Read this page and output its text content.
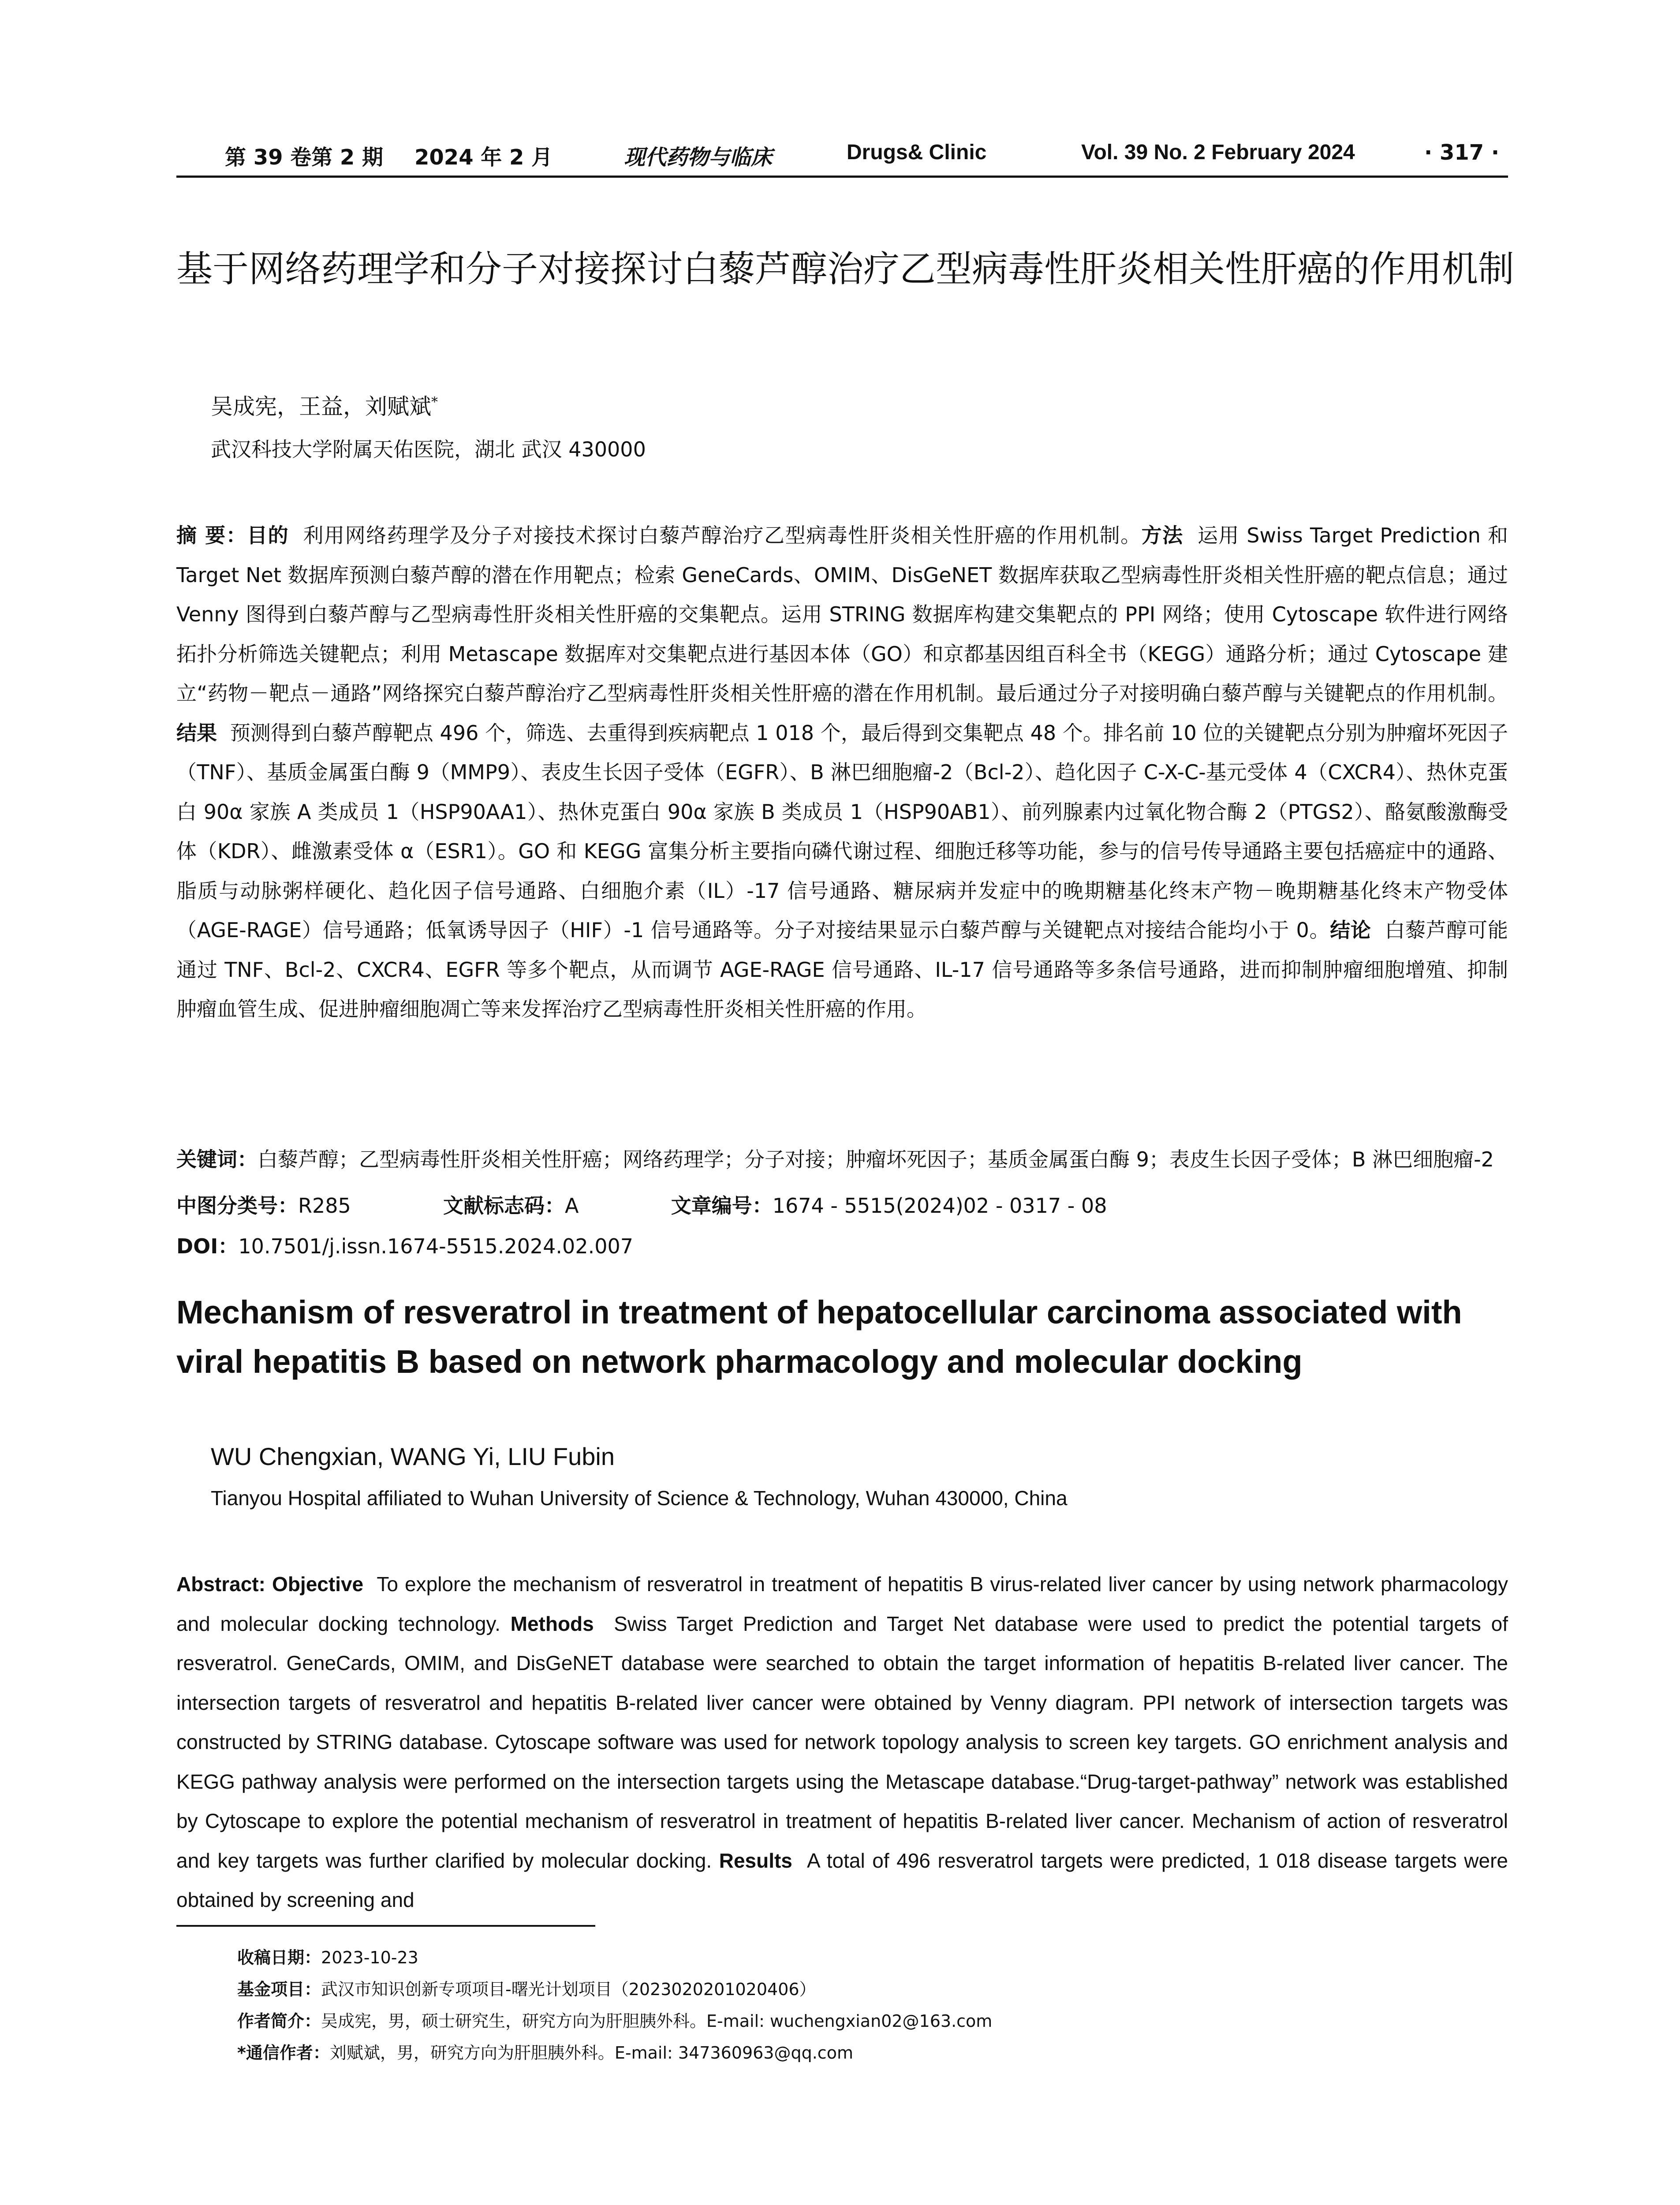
第 39 卷第 2 期 2024 年 2 月	现代药物与临床	Drugs& Clinic	Vol. 39 No. 2 February 2024	· 317 ·
基于网络药理学和分子对接探讨白藜芦醇治疗乙型病毒性肝炎相关性肝癌的作用机制
吴成宪，王益，刘赋斌*
武汉科技大学附属天佑医院，湖北 武汉 430000
摘 要：目的 利用网络药理学及分子对接技术探讨白藜芦醇治疗乙型病毒性肝炎相关性肝癌的作用机制。方法 运用 Swiss Target Prediction 和 Target Net 数据库预测白藜芦醇的潜在作用靶点；检索 GeneCards、OMIM、DisGeNET 数据库获取乙型病毒性肝炎相关性肝癌的靶点信息；通过 Venny 图得到白藜芦醇与乙型病毒性肝炎相关性肝癌的交集靶点。运用 STRING 数据库构建交集靶点的 PPI 网络；使用 Cytoscape 软件进行网络拓扑分析筛选关键靶点；利用 Metascape 数据库对交集靶点进行基因本体（GO）和京都基因组百科全书（KEGG）通路分析；通过 Cytoscape 建立“药物－靶点－通路”网络探究白藜芦醇治疗乙型病毒性肝炎相关性肝癌的潜在作用机制。最后通过分子对接明确白藜芦醇与关键靶点的作用机制。结果 预测得到白藜芦醇靶点 496 个，筛选、去重得到疾病靶点 1 018 个，最后得到交集靶点 48 个。排名前 10 位的关键靶点分别为肿瘤坏死因子（TNF）、基质金属蛋白酶 9（MMP9）、表皮生长因子受体（EGFR）、B 淋巴细胞瘤-2（Bcl-2）、趋化因子 C-X-C-基元受体 4（CXCR4）、热休克蛋白 90α 家族 A 类成员 1（HSP90AA1）、热休克蛋白 90α 家族 B 类成员 1（HSP90AB1）、前列腺素内过氧化物合酶 2（PTGS2）、酪氨酸激酶受体（KDR）、雌激素受体 α（ESR1）。GO 和 KEGG 富集分析主要指向磷代谢过程、细胞迁移等功能，参与的信号传导通路主要包括癌症中的通路、脂质与动脉粥样硬化、趋化因子信号通路、白细胞介素（IL）-17 信号通路、糖尿病并发症中的晚期糖基化终末产物－晚期糖基化终末产物受体（AGE-RAGE）信号通路；低氧诱导因子（HIF）-1 信号通路等。分子对接结果显示白藜芦醇与关键靶点对接结合能均小于 0。结论 白藜芦醇可能通过 TNF、Bcl-2、CXCR4、EGFR 等多个靶点，从而调节 AGE-RAGE 信号通路、IL-17 信号通路等多条信号通路，进而抑制肿瘤细胞增殖、抑制肿瘤血管生成、促进肿瘤细胞凋亡等来发挥治疗乙型病毒性肝炎相关性肝癌的作用。
关键词：白藜芦醇；乙型病毒性肝炎相关性肝癌；网络药理学；分子对接；肿瘤坏死因子；基质金属蛋白酶 9；表皮生长因子受体；B 淋巴细胞瘤-2
中图分类号：R285	文献标志码：A	文章编号：1674 - 5515(2024)02 - 0317 - 08
DOI：10.7501/j.issn.1674-5515.2024.02.007
Mechanism of resveratrol in treatment of hepatocellular carcinoma associated with viral hepatitis B based on network pharmacology and molecular docking
WU Chengxian, WANG Yi, LIU Fubin
Tianyou Hospital affiliated to Wuhan University of Science & Technology, Wuhan 430000, China
Abstract: Objective To explore the mechanism of resveratrol in treatment of hepatitis B virus-related liver cancer by using network pharmacology and molecular docking technology. Methods Swiss Target Prediction and Target Net database were used to predict the potential targets of resveratrol. GeneCards, OMIM, and DisGeNET database were searched to obtain the target information of hepatitis B-related liver cancer. The intersection targets of resveratrol and hepatitis B-related liver cancer were obtained by Venny diagram. PPI network of intersection targets was constructed by STRING database. Cytoscape software was used for network topology analysis to screen key targets. GO enrichment analysis and KEGG pathway analysis were performed on the intersection targets using the Metascape database.“Drug-target-pathway” network was established by Cytoscape to explore the potential mechanism of resveratrol in treatment of hepatitis B-related liver cancer. Mechanism of action of resveratrol and key targets was further clarified by molecular docking. Results A total of 496 resveratrol targets were predicted, 1 018 disease targets were obtained by screening and
收稿日期：2023-10-23
基金项目：武汉市知识创新专项项目-曙光计划项目（2023020201020406）
作者简介：吴成宪，男，硕士研究生，研究方向为肝胆胰外科。E-mail: wuchengxian02@163.com
*通信作者：刘赋斌，男，研究方向为肝胆胰外科。E-mail: 347360963@qq.com
